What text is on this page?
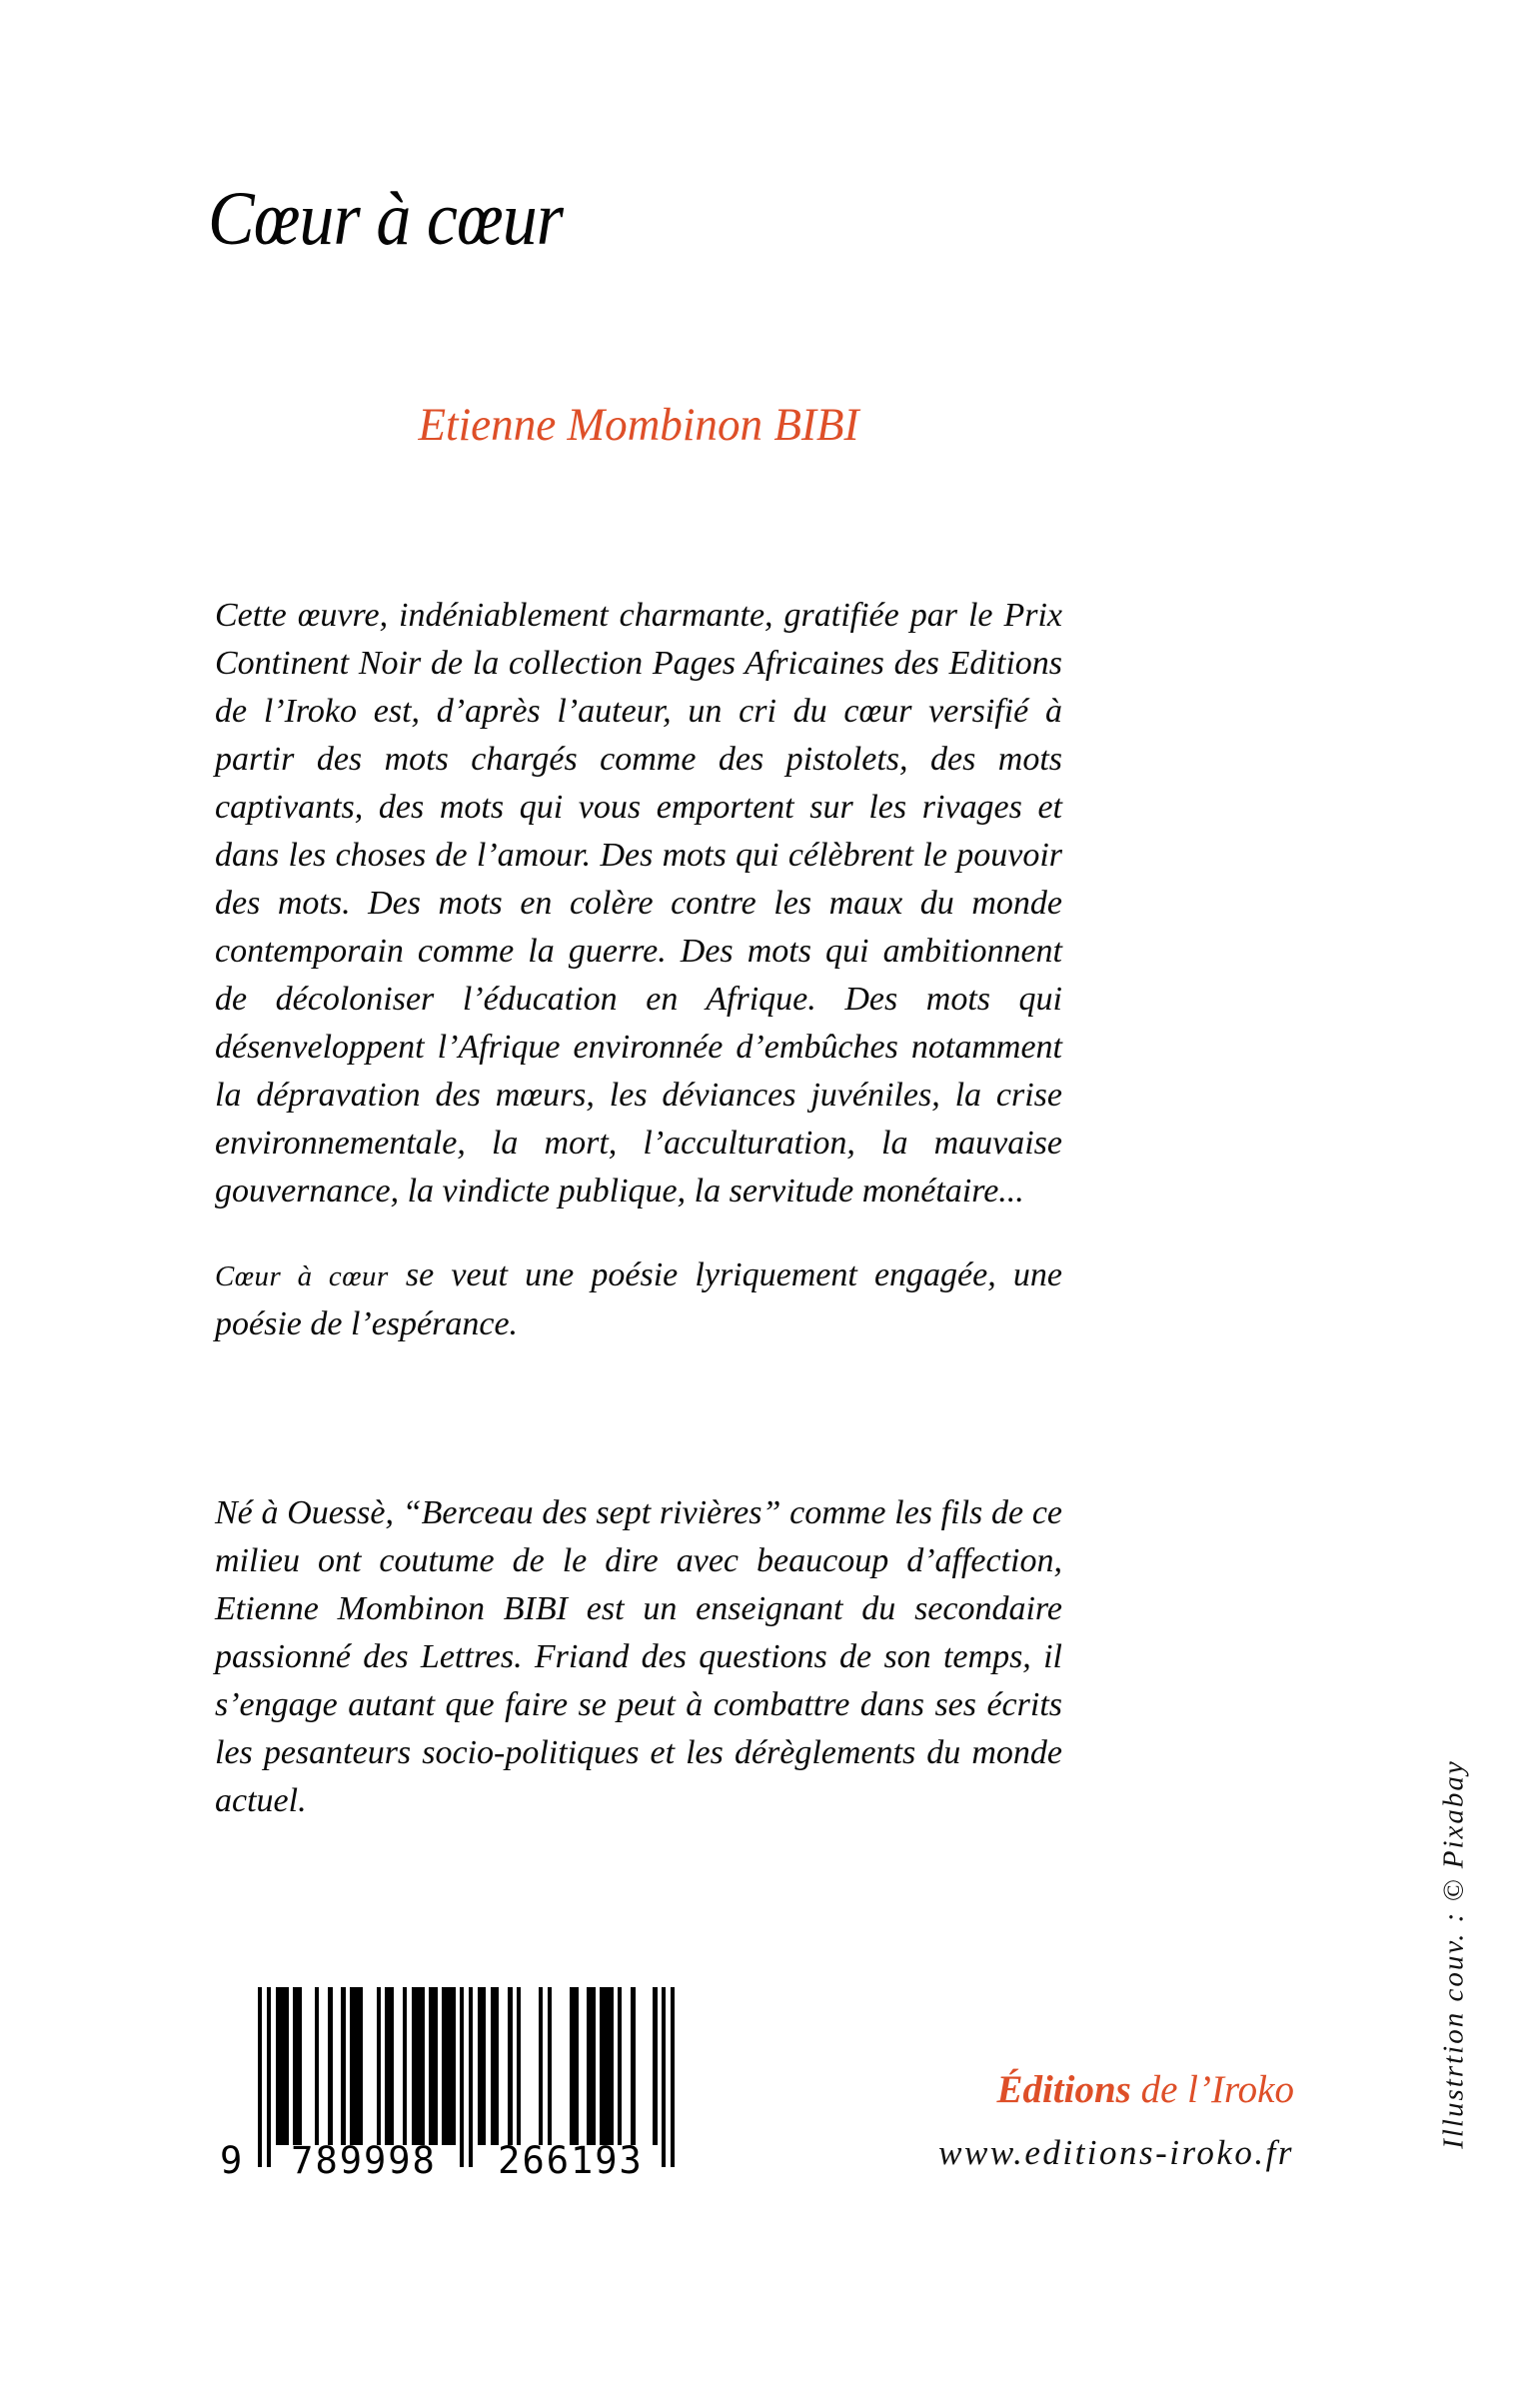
Cœur à cœur
Etienne Mombinon BIBI

Cette œuvre, indéniablement charmante, gratifiée par le Prix Continent Noir de la collection Pages Africaines des Editions de l’Iroko est, d’après l’auteur, un cri du cœur versifié à partir des mots chargés comme des pistolets, des mots captivants, des mots qui vous emportent sur les rivages et dans les choses de l’amour. Des mots qui célèbrent le pouvoir des mots. Des mots en colère contre les maux du monde contemporain comme la guerre. Des mots qui ambitionnent de décoloniser l’éducation en Afrique. Des mots qui désenveloppent l’Afrique environnée d’embûches notamment la dépravation des mœurs, les déviances juvéniles, la crise environnementale, la mort, l’acculturation, la mauvaise gouvernance, la vindicte publique, la servitude monétaire...

Cœur à cœur se veut une poésie lyriquement engagée, une poésie de l’espérance.

Né à Ouessè, “Berceau des sept rivières” comme les fils de ce milieu ont coutume de le dire avec beaucoup d’affection, Etienne Mombinon BIBI est un enseignant du secondaire passionné des Lettres. Friand des questions de son temps, il s’engage autant que faire se peut à combattre dans ses écrits les pesanteurs socio-politiques et les dérèglements du monde actuel.

9	789998	266193
Éditions de l’Iroko
www.editions-iroko.fr
Illustrtion couv. : © Pixabay
